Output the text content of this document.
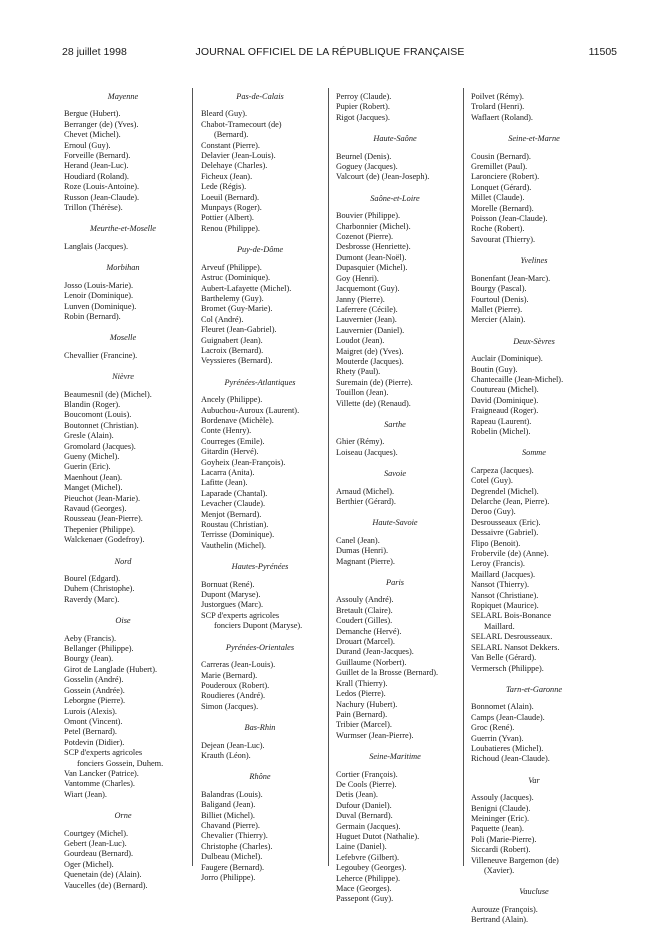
28 juillet 1998	JOURNAL OFFICIEL DE LA RÉPUBLIQUE FRANÇAISE	11505
Mayenne
Bergue (Hubert).
Berranger (de) (Yves).
Chevet (Michel).
Ernoul (Guy).
Forveille (Bernard).
Herand (Jean-Luc).
Houdiard (Roland).
Roze (Louis-Antoine).
Russon (Jean-Claude).
Trillon (Thérèse).
Meurthe-et-Moselle
Langlais (Jacques).
Morbihan
Josso (Louis-Marie).
Lenoir (Dominique).
Lunven (Dominique).
Robin (Bernard).
Moselle
Chevallier (Francine).
Nièvre
Beaumesnil (de) (Michel).
Blandin (Roger).
Boucomont (Louis).
Boutonnet (Christian).
Gresle (Alain).
Gromolard (Jacques).
Gueny (Michel).
Guerin (Eric).
Maenhout (Jean).
Manget (Michel).
Pieuchot (Jean-Marie).
Ravaud (Georges).
Rousseau (Jean-Pierre).
Thepenier (Philippe).
Walckenaer (Godefroy).
Nord
Bourel (Edgard).
Duhem (Christophe).
Raverdy (Marc).
Oise
Aeby (Francis).
Bellanger (Philippe).
Bourgy (Jean).
Girot de Langlade (Hubert).
Gosselin (André).
Gossein (Andrée).
Leborgne (Pierre).
Lurois (Alexis).
Omont (Vincent).
Petel (Bernard).
Potdevin (Didier).
SCP d'experts agricoles
fonciers Gossein, Duhem.
Van Lancker (Patrice).
Vantomme (Charles).
Wiart (Jean).
Orne
Courtgey (Michel).
Gebert (Jean-Luc).
Gourdeau (Bernard).
Oger (Michel).
Quenetain (de) (Alain).
Vaucelles (de) (Bernard).
Pas-de-Calais
Bleard (Guy).
Chabot-Tramecourt (de)
(Bernard).
Constant (Pierre).
Delavier (Jean-Louis).
Delehaye (Charles).
Ficheux (Jean).
Lede (Régis).
Loeuil (Bernard).
Munpays (Roger).
Pottier (Albert).
Renou (Philippe).
Puy-de-Dôme
Arveuf (Philippe).
Astruc (Dominique).
Aubert-Lafayette (Michel).
Barthelemy (Guy).
Bromet (Guy-Marie).
Col (André).
Fleuret (Jean-Gabriel).
Guignabert (Jean).
Lacroix (Bernard).
Veyssieres (Bernard).
Pyrénées-Atlantiques
Ancely (Philippe).
Aubuchou-Auroux (Laurent).
Bordenave (Michèle).
Conte (Henry).
Courreges (Emile).
Gitardin (Hervé).
Goyheix (Jean-François).
Lacarra (Anita).
Lafitte (Jean).
Laparade (Chantal).
Levacher (Claude).
Menjot (Bernard).
Roustau (Christian).
Terrisse (Dominique).
Vauthelin (Michel).
Hautes-Pyrénées
Bornuat (René).
Dupont (Maryse).
Justorgues (Marc).
SCP d'experts agricoles
fonciers Dupont (Maryse).
Pyrénées-Orientales
Carreras (Jean-Louis).
Marie (Bernard).
Pouderoux (Robert).
Roudieres (André).
Simon (Jacques).
Bas-Rhin
Dejean (Jean-Luc).
Krauth (Léon).
Rhône
Balandras (Louis).
Baligand (Jean).
Billiet (Michel).
Chavand (Pierre).
Chevalier (Thierry).
Christophe (Charles).
Dulbeau (Michel).
Faugere (Bernard).
Jorro (Philippe).
Perroy (Claude).
Pupier (Robert).
Rigot (Jacques).
Haute-Saône
Beurnel (Denis).
Goguey (Jacques).
Valcourt (de) (Jean-Joseph).
Saône-et-Loire
Bouvier (Philippe).
Charbonnier (Michel).
Cozenot (Pierre).
Desbrosse (Henriette).
Dumont (Jean-Noël).
Dupasquier (Michel).
Goy (Henri).
Jacquemont (Guy).
Janny (Pierre).
Laferrere (Cécile).
Lauvernier (Jean).
Lauvernier (Daniel).
Loudot (Jean).
Maigret (de) (Yves).
Mouterde (Jacques).
Rhety (Paul).
Suremain (de) (Pierre).
Touillon (Jean).
Villette (de) (Renaud).
Sarthe
Ghier (Rémy).
Loiseau (Jacques).
Savoie
Arnaud (Michel).
Berthier (Gérard).
Haute-Savoie
Canel (Jean).
Dumas (Henri).
Magnant (Pierre).
Paris
Assouly (André).
Bretault (Claire).
Coudert (Gilles).
Demanche (Hervé).
Drouart (Marcel).
Durand (Jean-Jacques).
Guillaume (Norbert).
Guillet de la Brosse (Bernard).
Krall (Thierry).
Ledos (Pierre).
Nachury (Hubert).
Pain (Bernard).
Tribier (Marcel).
Wurmser (Jean-Pierre).
Seine-Maritime
Cortier (François).
De Cools (Pierre).
Detis (Jean).
Dufour (Daniel).
Duval (Bernard).
Germain (Jacques).
Huguet Dutot (Nathalie).
Laine (Daniel).
Lefebvre (Gilbert).
Legoubey (Georges).
Leherce (Philippe).
Mace (Georges).
Passepont (Guy).
Poilvet (Rémy).
Trolard (Henri).
Waflaert (Roland).
Seine-et-Marne
Cousin (Bernard).
Gremillet (Paul).
Laronciere (Robert).
Lonquet (Gérard).
Millet (Claude).
Morelle (Bernard).
Poisson (Jean-Claude).
Roche (Robert).
Savourat (Thierry).
Yvelines
Bonenfant (Jean-Marc).
Bourgy (Pascal).
Fourtoul (Denis).
Mallet (Pierre).
Mercier (Alain).
Deux-Sèvres
Auclair (Dominique).
Boutin (Guy).
Chantecaille (Jean-Michel).
Coutureau (Michel).
David (Dominique).
Fraigneaud (Roger).
Rapeau (Laurent).
Robelin (Michel).
Somme
Carpeza (Jacques).
Cotel (Guy).
Degrendel (Michel).
Delarche (Jean, Pierre).
Deroo (Guy).
Desrousseaux (Eric).
Dessaivre (Gabriel).
Flipo (Benoit).
Frobervile (de) (Anne).
Leroy (Francis).
Maillard (Jacques).
Nansot (Thierry).
Nansot (Christiane).
Ropiquet (Maurice).
SELARL Bois-Bonance
Maillard.
SELARL Desrousseaux.
SELARL Nansot Dekkers.
Van Belle (Gérard).
Vermersch (Philippe).
Tarn-et-Garonne
Bonnomet (Alain).
Camps (Jean-Claude).
Groc (René).
Guerrin (Yvan).
Loubatieres (Michel).
Richoud (Jean-Claude).
Var
Assouly (Jacques).
Benigni (Claude).
Meininger (Eric).
Paquette (Jean).
Poli (Marie-Pierre).
Siccardi (Robert).
Villeneuve Bargemon (de)
(Xavier).
Vaucluse
Aurouze (François).
Bertrand (Alain).
